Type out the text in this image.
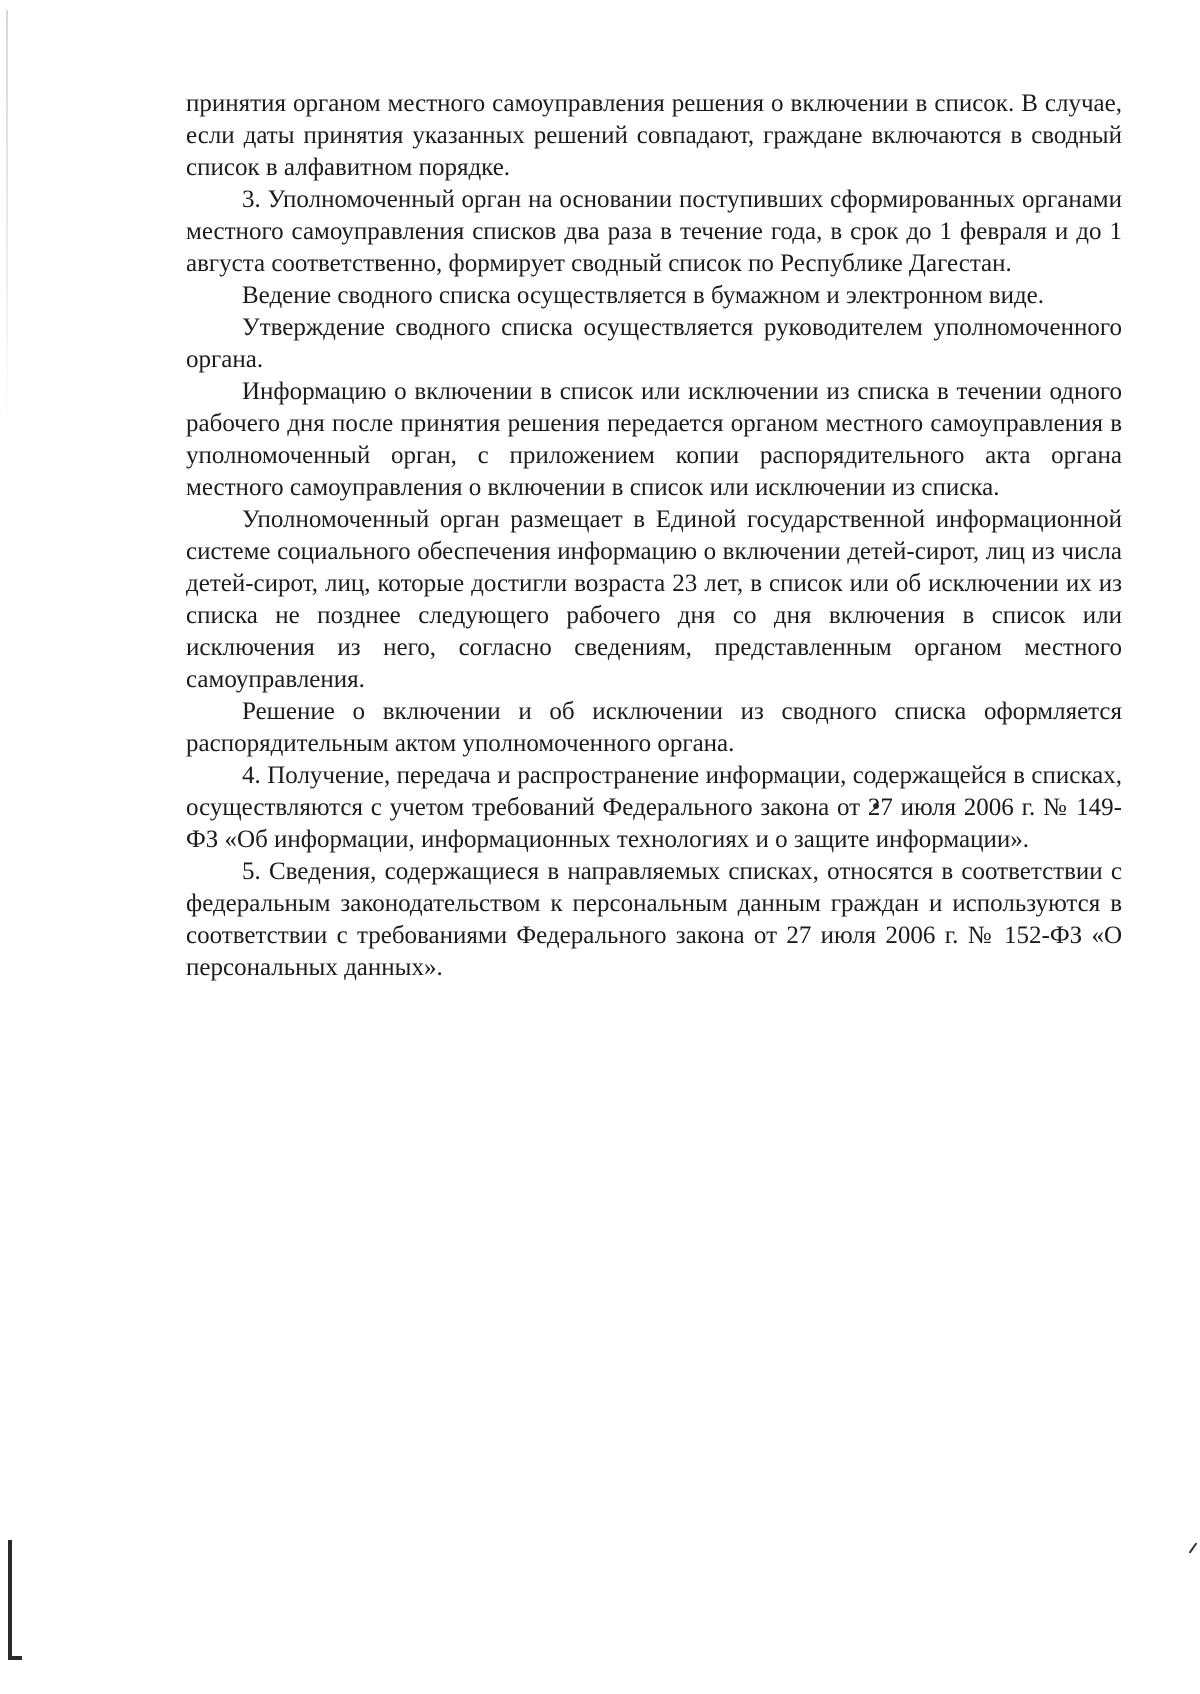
принятия органом местного самоуправления решения о включении в список. В случае, если даты принятия указанных решений совпадают, граждане включаются в сводный список в алфавитном порядке.

3. Уполномоченный орган на основании поступивших сформированных органами местного самоуправления списков два раза в течение года, в срок до 1 февраля и до 1 августа соответственно, формирует сводный список по Республике Дагестан.

Ведение сводного списка осуществляется в бумажном и электронном виде.

Утверждение сводного списка осуществляется руководителем уполномоченного органа.

Информацию о включении в список или исключении из списка в течении одного рабочего дня после принятия решения передается органом местного самоуправления в уполномоченный орган, с приложением копии распорядительного акта органа местного самоуправления о включении в список или исключении из списка.

Уполномоченный орган размещает в Единой государственной информационной системе социального обеспечения информацию о включении детей-сирот, лиц из числа детей-сирот, лиц, которые достигли возраста 23 лет, в список или об исключении их из списка не позднее следующего рабочего дня со дня включения в список или исключения из него, согласно сведениям, представленным органом местного самоуправления.

Решение о включении и об исключении из сводного списка оформляется распорядительным актом уполномоченного органа.

4. Получение, передача и распространение информации, содержащейся в списках, осуществляются с учетом требований Федерального закона от 27 июля 2006 г. № 149-ФЗ «Об информации, информационных технологиях и о защите информации».

5. Сведения, содержащиеся в направляемых списках, относятся в соответствии с федеральным законодательством к персональным данным граждан и используются в соответствии с требованиями Федерального закона от 27 июля 2006 г. № 152-ФЗ «О персональных данных».
